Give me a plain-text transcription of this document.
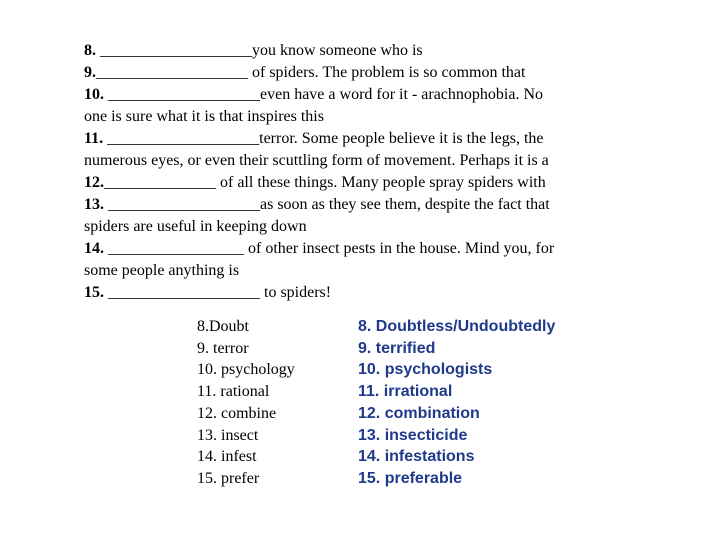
8. ___________________you know someone who is
9.___________________ of spiders. The problem is so common that
10. ___________________even have a word for it - arachnophobia. No
one is sure what it is that inspires this
11. ___________________terror. Some people believe it is the legs, the
numerous eyes, or even their scuttling form of movement. Perhaps it is a
12.______________ of all these things. Many people spray spiders with
13. ___________________as soon as they see them, despite the fact that
spiders are useful in keeping down
14. _________________ of other insect pests in the house. Mind you, for
some people anything is
15. ___________________ to spiders!
8.Doubt
9. terror
10. psychology
11. rational
12. combine
13. insect
14. infest
15. prefer
8. Doubtless/Undoubtedly
9. terrified
10. psychologists
11. irrational
12. combination
13. insecticide
14. infestations
15. preferable
